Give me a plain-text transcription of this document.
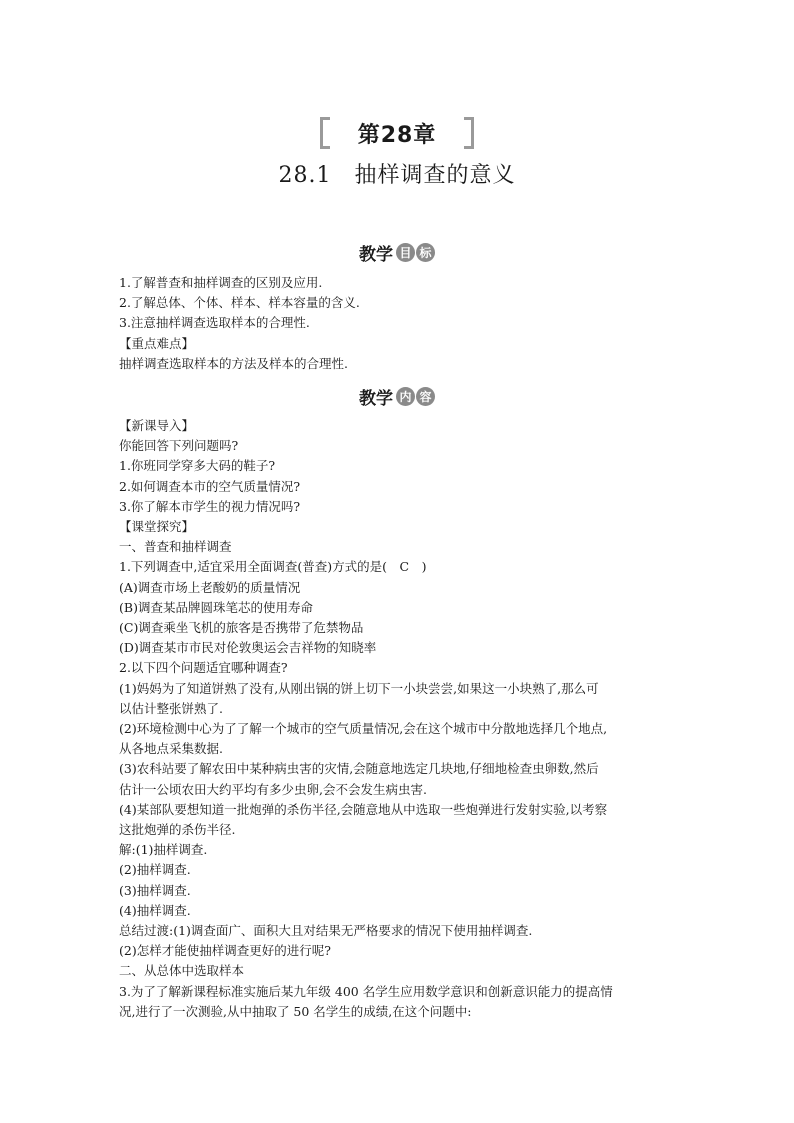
第28章
28.1　抽样调查的意义
教学 目 标
1.了解普查和抽样调查的区别及应用.
2.了解总体、个体、样本、样本容量的含义.
3.注意抽样调查选取样本的合理性.
【重点难点】
抽样调查选取样本的方法及样本的合理性.
教学 内 容
【新课导入】
你能回答下列问题吗?
1.你班同学穿多大码的鞋子?
2.如何调查本市的空气质量情况?
3.你了解本市学生的视力情况吗?
【课堂探究】
一、普查和抽样调查
1.下列调查中,适宜采用全面调查(普查)方式的是(　C　)
(A)调查市场上老酸奶的质量情况
(B)调查某品牌圆珠笔芯的使用寿命
(C)调查乘坐飞机的旅客是否携带了危禁物品
(D)调查某市市民对伦敦奥运会吉祥物的知晓率
2.以下四个问题适宜哪种调查?
(1)妈妈为了知道饼熟了没有,从刚出锅的饼上切下一小块尝尝,如果这一小块熟了,那么可
以估计整张饼熟了.
(2)环境检测中心为了了解一个城市的空气质量情况,会在这个城市中分散地选择几个地点,
从各地点采集数据.
(3)农科站要了解农田中某种病虫害的灾情,会随意地选定几块地,仔细地检查虫卵数,然后
估计一公顷农田大约平均有多少虫卵,会不会发生病虫害.
(4)某部队要想知道一批炮弹的杀伤半径,会随意地从中选取一些炮弹进行发射实验,以考察
这批炮弹的杀伤半径.
解:(1)抽样调查.
(2)抽样调查.
(3)抽样调查.
(4)抽样调查.
总结过渡:(1)调查面广、面积大且对结果无严格要求的情况下使用抽样调查.
(2)怎样才能使抽样调查更好的进行呢?
二、从总体中选取样本
3.为了了解新课程标准实施后某九年级 400 名学生应用数学意识和创新意识能力的提高情
况,进行了一次测验,从中抽取了 50 名学生的成绩,在这个问题中:
